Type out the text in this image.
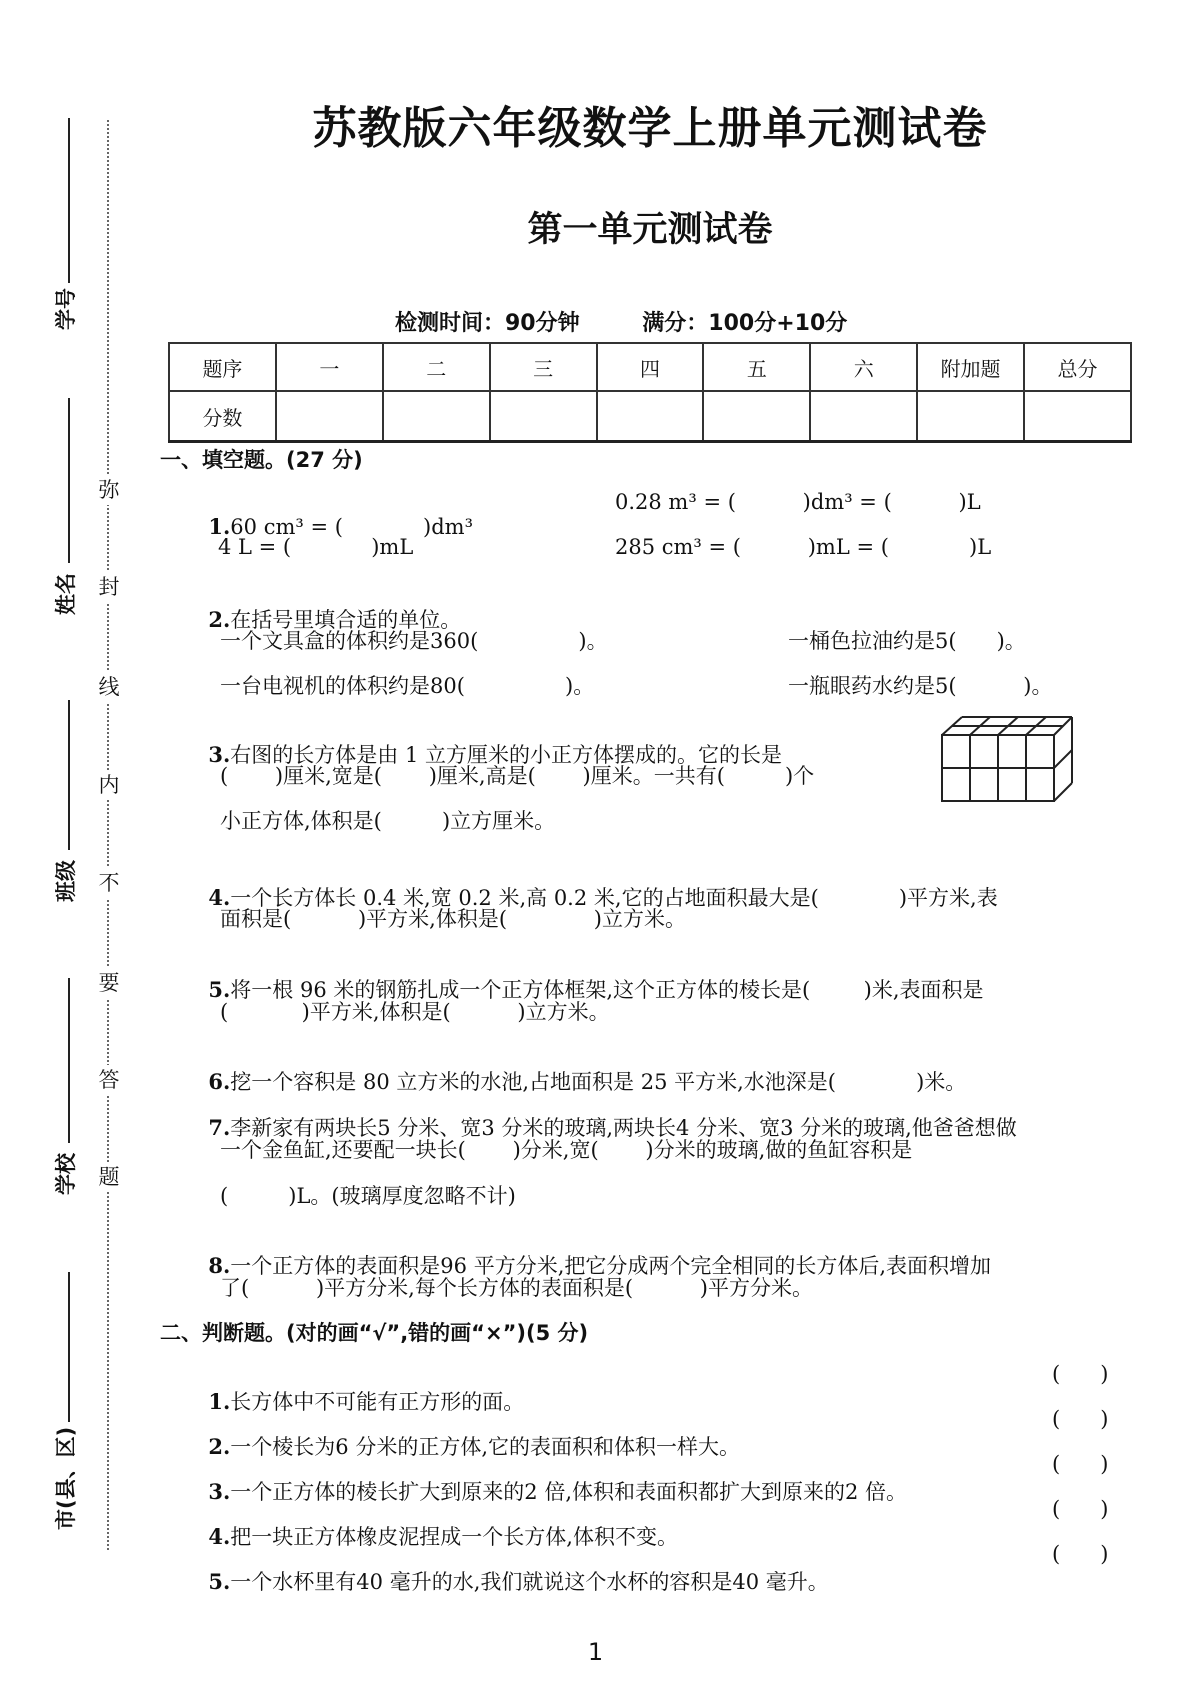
学号
姓名
班级
学校
市(县、区)
弥
封
线
内
不
要
答
题
苏教版六年级数学上册单元测试卷
第一单元测试卷
检测时间：90分钟	满分：100分+10分
题序	一	二	三	四	五	六	附加题	总分
分数								
一、填空题。(27 分)

1.60 cm³ = (            )dm³

0.28 m³ = (          )dm³ = (          )L
4 L = (            )mL	285 cm³ = (          )mL = (            )L

2.在括号里填合适的单位。

一个文具盒的体积约是360(               )。	一桶色拉油约是5(      )。
一台电视机的体积约是80(               )。	一瓶眼药水约是5(          )。

3.右图的长方体是由 1 立方厘米的小正方体摆成的。它的长是

(       )厘米,宽是(       )厘米,高是(       )厘米。一共有(         )个
小正方体,体积是(         )立方厘米。

4.一个长方体长 0.4 米,宽 0.2 米,高 0.2 米,它的占地面积最大是(            )平方米,表

面积是(          )平方米,体积是(             )立方米。

5.将一根 96 米的钢筋扎成一个正方体框架,这个正方体的棱长是(        )米,表面积是

(           )平方米,体积是(          )立方米。

6.挖一个容积是 80 立方米的水池,占地面积是 25 平方米,水池深是(            )米。

7.李新家有两块长5 分米、宽3 分米的玻璃,两块长4 分米、宽3 分米的玻璃,他爸爸想做

一个金鱼缸,还要配一块长(       )分米,宽(       )分米的玻璃,做的鱼缸容积是
(         )L。(玻璃厚度忽略不计)

8.一个正方体的表面积是96 平方分米,把它分成两个完全相同的长方体后,表面积增加

了(          )平方分米,每个长方体的表面积是(          )平方分米。
二、判断题。(对的画“√”,错的画“×”)(5 分)

1.长方体中不可能有正方形的面。

(      )

2.一个棱长为6 分米的正方体,它的表面积和体积一样大。

(      )

3.一个正方体的棱长扩大到原来的2 倍,体积和表面积都扩大到原来的2 倍。

(      )

4.把一块正方体橡皮泥捏成一个长方体,体积不变。

(      )

5.一个水杯里有40 毫升的水,我们就说这个水杯的容积是40 毫升。

(      )
1
